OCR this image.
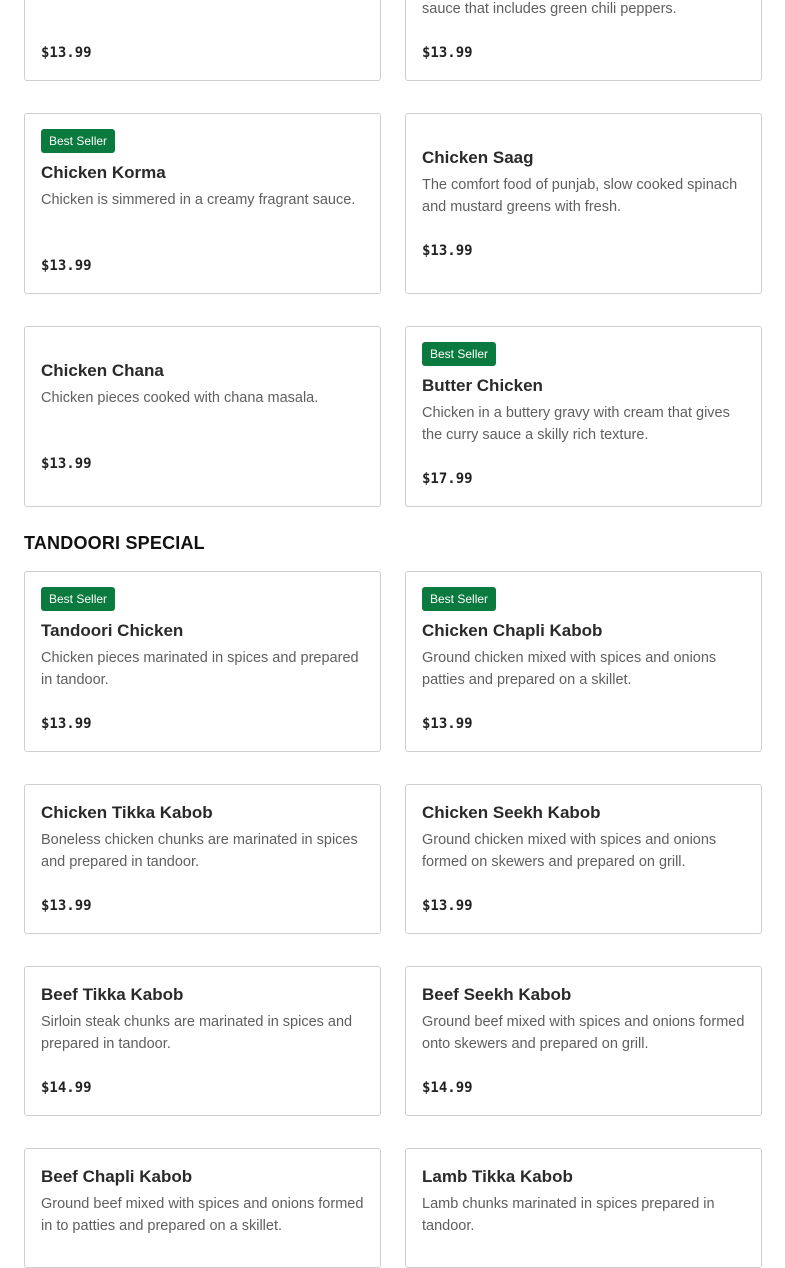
$13.99
sauce that includes green chili peppers.
$13.99
Best Seller
Chicken Korma
Chicken is simmered in a creamy fragrant sauce.
$13.99
Chicken Saag
The comfort food of punjab, slow cooked spinach and mustard greens with fresh.
$13.99
Chicken Chana
Chicken pieces cooked with chana masala.
$13.99
Best Seller
Butter Chicken
Chicken in a buttery gravy with cream that gives the curry sauce a skilly rich texture.
$17.99
TANDOORI SPECIAL
Best Seller
Tandoori Chicken
Chicken pieces marinated in spices and prepared in tandoor.
$13.99
Best Seller
Chicken Chapli Kabob
Ground chicken mixed with spices and onions patties and prepared on a skillet.
$13.99
Chicken Tikka Kabob
Boneless chicken chunks are marinated in spices and prepared in tandoor.
$13.99
Chicken Seekh Kabob
Ground chicken mixed with spices and onions formed on skewers and prepared on grill.
$13.99
Beef Tikka Kabob
Sirloin steak chunks are marinated in spices and prepared in tandoor.
$14.99
Beef Seekh Kabob
Ground beef mixed with spices and onions formed onto skewers and prepared on grill.
$14.99
Beef Chapli Kabob
Ground beef mixed with spices and onions formed in to patties and prepared on a skillet.
Lamb Tikka Kabob
Lamb chunks marinated in spices prepared in tandoor.
